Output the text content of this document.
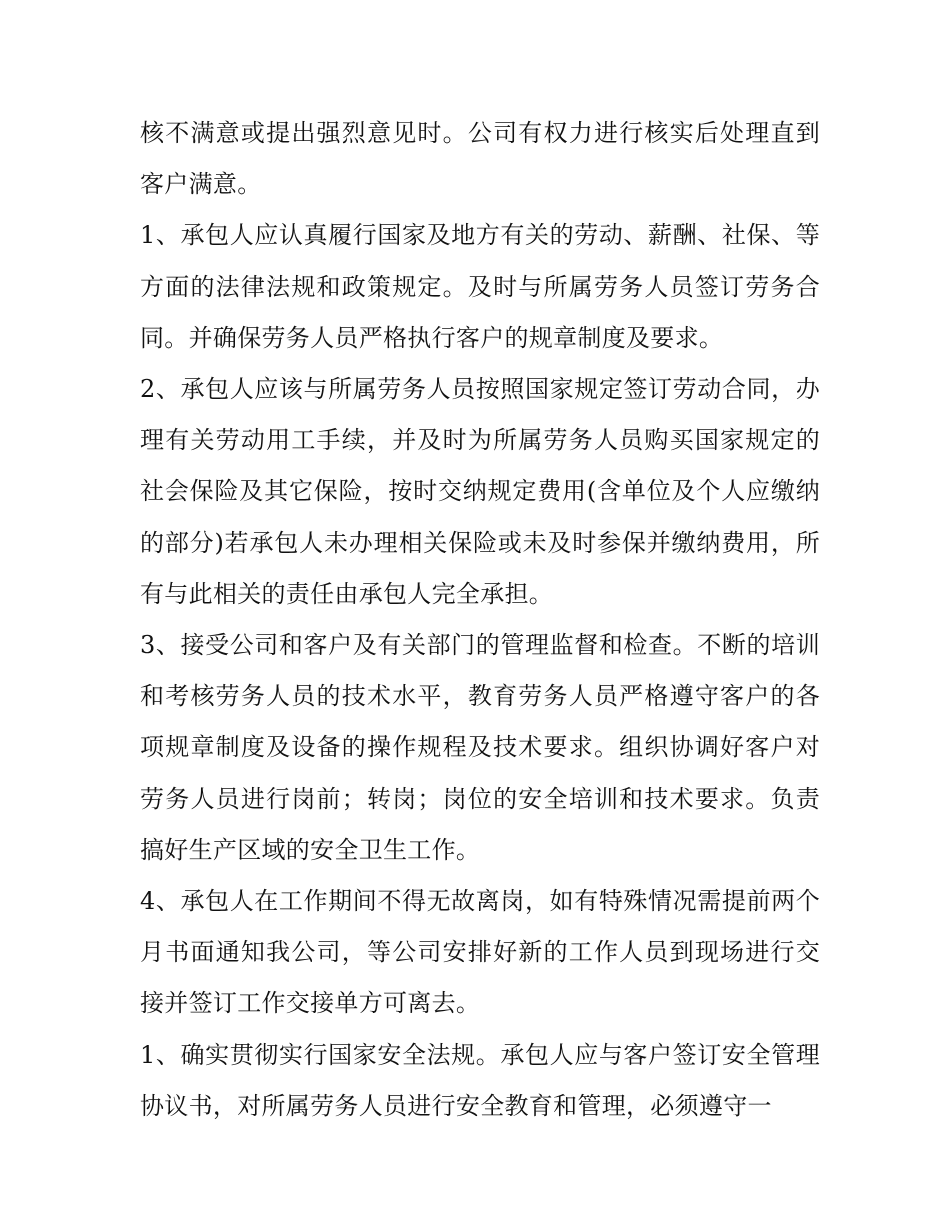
核不满意或提出强烈意见时。公司有权力进行核实后处理直到客户满意。

1、承包人应认真履行国家及地方有关的劳动、薪酬、社保、等方面的法律法规和政策规定。及时与所属劳务人员签订劳务合同。并确保劳务人员严格执行客户的规章制度及要求。

2、承包人应该与所属劳务人员按照国家规定签订劳动合同，办理有关劳动用工手续，并及时为所属劳务人员购买国家规定的社会保险及其它保险，按时交纳规定费用(含单位及个人应缴纳的部分)若承包人未办理相关保险或未及时参保并缴纳费用，所有与此相关的责任由承包人完全承担。

3、接受公司和客户及有关部门的管理监督和检查。不断的培训和考核劳务人员的技术水平，教育劳务人员严格遵守客户的各项规章制度及设备的操作规程及技术要求。组织协调好客户对劳务人员进行岗前；转岗；岗位的安全培训和技术要求。负责搞好生产区域的安全卫生工作。

4、承包人在工作期间不得无故离岗，如有特殊情况需提前两个月书面通知我公司，等公司安排好新的工作人员到现场进行交接并签订工作交接单方可离去。

1、确实贯彻实行国家安全法规。承包人应与客户签订安全管理协议书，对所属劳务人员进行安全教育和管理，必须遵守一
